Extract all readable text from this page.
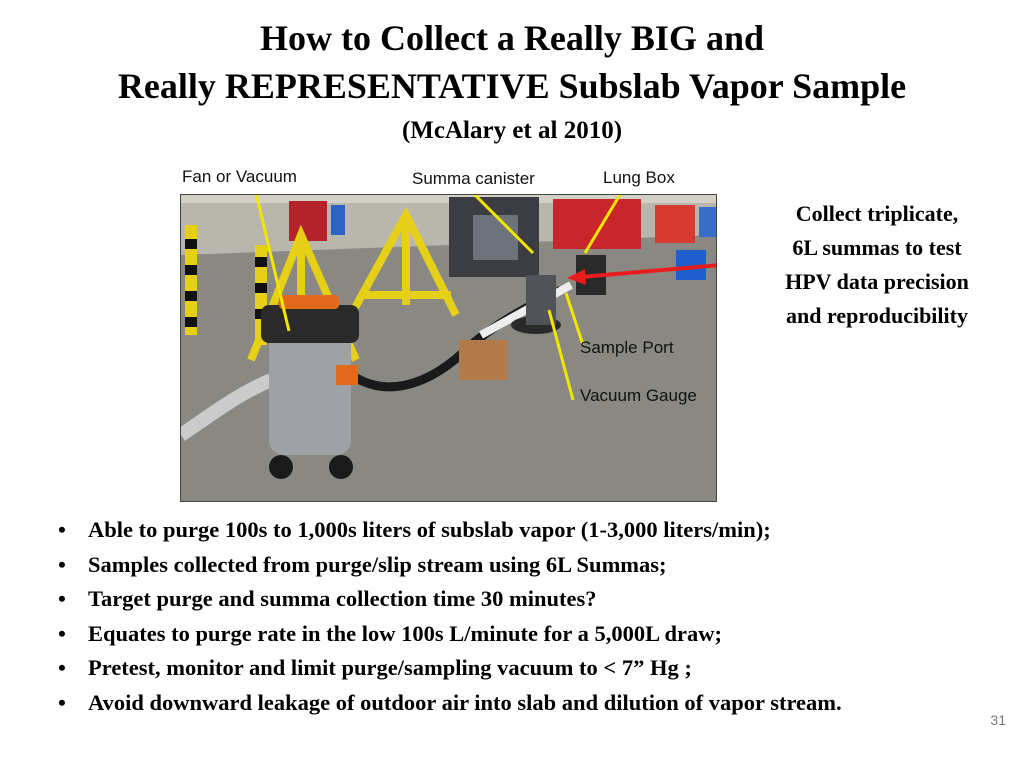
How to Collect a Really BIG and
Really REPRESENTATIVE Subslab Vapor Sample
(McAlary et al 2010)
Fan or Vacuum	Summa canister	Lung Box
Sample Port
Vacuum Gauge
Collect triplicate,
6L summas to test
HPV data precision
and reproducibility
• Able to purge 100s to 1,000s liters of subslab vapor (1-3,000 liters/min);
• Samples collected from purge/slip stream using 6L Summas;
• Target purge and summa collection time 30 minutes?
• Equates to purge rate in the low 100s L/minute for a 5,000L draw;
• Pretest, monitor and limit purge/sampling vacuum to < 7” Hg ;
• Avoid downward leakage of outdoor air into slab and dilution of vapor stream.
31
